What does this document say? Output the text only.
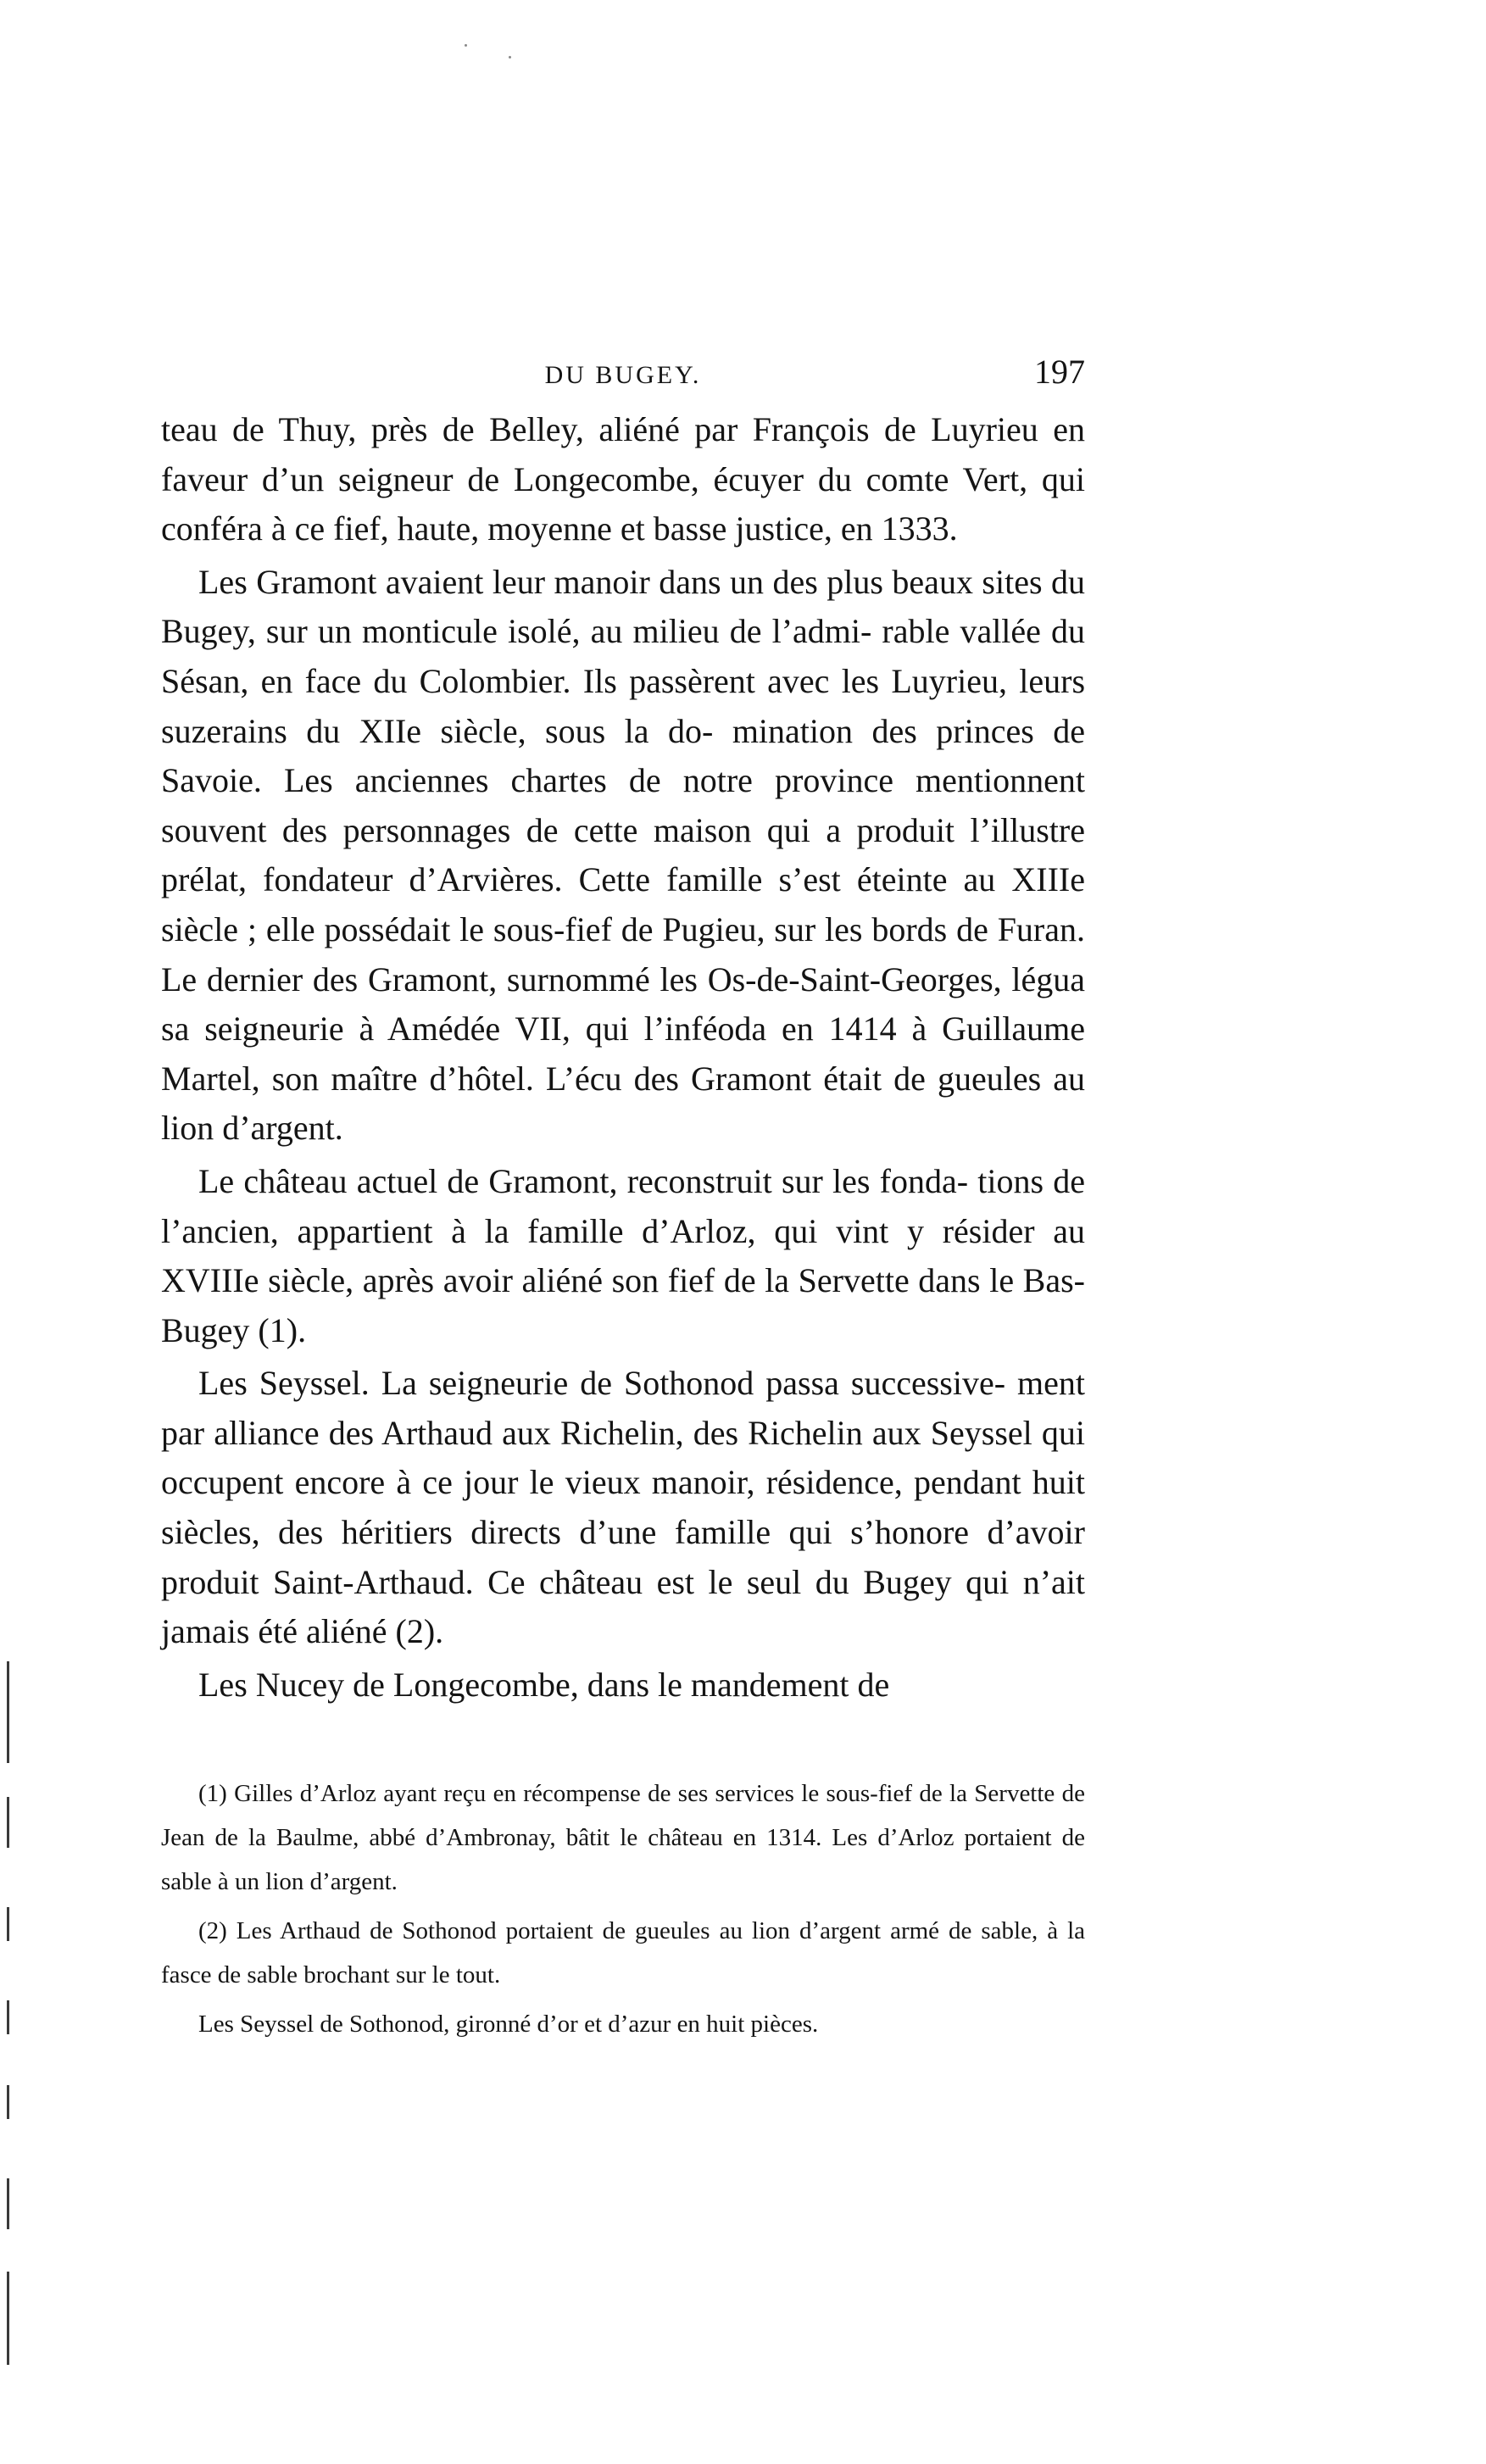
DU BUGEY.	197

teau de Thuy, près de Belley, aliéné par François de Luyrieu en faveur d’un seigneur de Longecombe, écuyer du comte Vert, qui conféra à ce fief, haute, moyenne et basse justice, en 1333.

Les Gramont avaient leur manoir dans un des plus beaux sites du Bugey, sur un monticule isolé, au milieu de l’admi- rable vallée du Sésan, en face du Colombier. Ils passèrent avec les Luyrieu, leurs suzerains du XIIe siècle, sous la do- mination des princes de Savoie. Les anciennes chartes de notre province mentionnent souvent des personnages de cette maison qui a produit l’illustre prélat, fondateur d’Arvières. Cette famille s’est éteinte au XIIIe siècle ; elle possédait le sous-fief de Pugieu, sur les bords de Furan. Le dernier des Gramont, surnommé les Os-de-Saint-Georges, légua sa seigneurie à Amédée VII, qui l’inféoda en 1414 à Guillaume Martel, son maître d’hôtel. L’écu des Gramont était de gueules au lion d’argent.

Le château actuel de Gramont, reconstruit sur les fonda- tions de l’ancien, appartient à la famille d’Arloz, qui vint y résider au XVIIIe siècle, après avoir aliéné son fief de la Servette dans le Bas-Bugey (1).

Les Seyssel. La seigneurie de Sothonod passa successive- ment par alliance des Arthaud aux Richelin, des Richelin aux Seyssel qui occupent encore à ce jour le vieux manoir, résidence, pendant huit siècles, des héritiers directs d’une famille qui s’honore d’avoir produit Saint-Arthaud. Ce château est le seul du Bugey qui n’ait jamais été aliéné (2).

Les Nucey de Longecombe, dans le mandement de

(1) Gilles d’Arloz ayant reçu en récompense de ses services le sous-fief de la Servette de Jean de la Baulme, abbé d’Ambronay, bâtit le château en 1314. Les d’Arloz portaient de sable à un lion d’argent.

(2) Les Arthaud de Sothonod portaient de gueules au lion d’argent armé de sable, à la fasce de sable brochant sur le tout.

Les Seyssel de Sothonod, gironné d’or et d’azur en huit pièces.
